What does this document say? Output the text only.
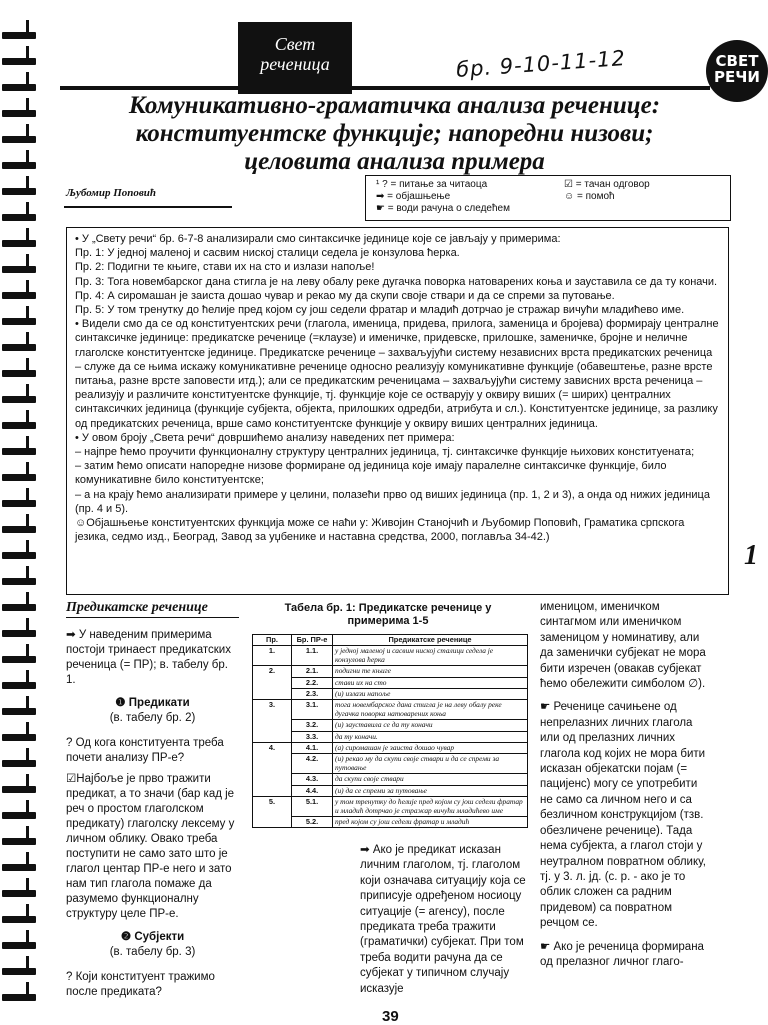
Свет
реченица	бр. 9-10-11-12	СВЕТ
РЕЧИ
Комуникативно-граматичка анализа реченице:
конституентске функције; напоредни низови;
целовита анализа примера
Љубомир Поповић
¹ ? = питање за читаоца
➡ = објашњење
☛ = води рачуна о следећем
☑ = тачан одговор
☺ = помоћ

• У „Свету речи“ бр. 6-7-8 анализирали смо синтаксичке јединице које се јављају у примерима:

Пр. 1: У једној маленој и сасвим ниској сталици седела је конзулова ћерка.

Пр. 2: Подигни те књиге, стави их на сто и излази напоље!

Пр. 3: Тога новембарског дана стигла је на леву обалу реке дугачка поворка натоварених коња и зауставила се да ту коначи.

Пр. 4: А сиромашан је заиста дошао чувар и рекао му да скупи своје ствари и да се спреми за путовање.

Пр. 5: У том тренутку до ћелије пред којом су још седели фратар и младић дотрчао је стражар вичући младићево име.

• Видели смо да се од конституентских речи (глагола, именица, придева, прилога, заменица и бројева) формирају централне синтаксичке јединице: предикатске реченице (=клаузе) и именичке, придевске, прилошке, заменичке, бројне и неличне глаголске конституентске јединице. Предикатске реченице – захваљујући систему независних врста предикатских реченица – служе да се њима искажу комуникативне реченице односно реализују комуникативне функције (обавештење, разне врсте питања, разне врсте заповести итд.); али се предикатским реченицама – захваљујући систему зависних врста реченица – реализују и различите конституентске функције, тј. функције које се остварују у оквиру виших (= ширих) централних синтаксичких јединица (функције субјекта, објекта, прилошких одредби, атрибута и сл.). Конституентске јединице, за разлику од предикатских реченица, врше само конституентске функције у оквиру виших централних јединица.

• У овом броју „Света речи“ довршићемо анализу наведених пет примера:

– најпре ћемо проучити функционалну структуру централних јединица, тј. синтаксичке функције њихових конституената;

– затим ћемо описати напоредне низове формиране од јединица које имају паралелне синтаксичке функције, било комуникативне било конституентске;

– а на крају ћемо анализирати примере у целини, полазећи прво од виших јединица (пр. 1, 2 и 3), а онда од нижих јединица (пр. 4 и 5).

☺Објашњење конституентских функција може се наћи у: Живојин Станојчић и Љубомир Поповић, Граматика српскога језика, седмо изд., Београд, Завод за уџбенике и наставна средства, 2000, поглавља 34-42.)

1
Предикатске реченице

➡ У наведеним примерима постоји тринаест предикатских реченица (= ПР); в. табелу бр. 1.

❶ Предикати
(в. табелу бр. 2)

? Од кога конституента треба почети анализу ПР-е?

☑Најбоље је прво тражити предикат, а то значи (бар кад је реч о простом глаголском предикату) глаголску лексему у личном облику. Овако треба поступити не само зато што је глагол центар ПР-е него и зато нам тип глагола помаже да разумемо функционалну структуру целе ПР-е.

❷ Субјекти
(в. табелу бр. 3)

? Који конституент тражимо после предиката?

Табела бр. 1: Предикатске реченице у
примерима 1-5
Пр.	Бр. ПР-е	Предикатске реченице
1.	1.1.	у једној маленој и сасвим ниској сталици седела је конзулова ћерка
2.	2.1.	подигни те књиге
	2.2.	стави их на сто
	2.3.	(и) излази напоље
3.	3.1.	тога новембарског дана стигла је на леву обалу реке дугачка поворка натоварених коња
	3.2.	(и) зауставила се да ту коначи
	3.3.	да ту коначи.
4.	4.1.	(а) сиромашан је заиста дошао чувар
	4.2.	(и) рекао му да скупи своје ствари и да се спреми за путовање
	4.3.	да скупи своје ствари
	4.4.	(и) да се спреми за путовање
5.	5.1.	у том тренутку до ћелије пред којом су још седели фратар и младић дотрчао је стражар вичући младићево име
	5.2.	пред којом су још седели фратар и младић
➡ Ако је предикат исказан личним глаголом, тј. глаголом који означава ситуацију која се приписује одређеном носиоцу ситуације (= агенсу), после предиката треба тражити (граматички) субјекат. При том треба водити рачуна да се субјекат у типичном случају исказује

именицом, именичком синтагмом или именичком заменицом у номинативу, али да заменички субјекат не мора бити изречен (овакав субјекат ћемо обележити симболом ∅).

☛ Реченице сачињене од непрелазних личних глагола или од прелазних личних глагола код којих не мора бити исказан објекатски појам (= пацијенс) могу се употребити не само са личном него и са безличном конструкцијом (тзв. обезличене реченице). Тада нема субјекта, а глагол стоји у неутралном повратном облику, тј. у 3. л. јд. (с. р. - ако је то облик сложен са радним придевом) са повратном речцом се.

☛ Ако је реченица формирана од прелазног личног глаго-

39
